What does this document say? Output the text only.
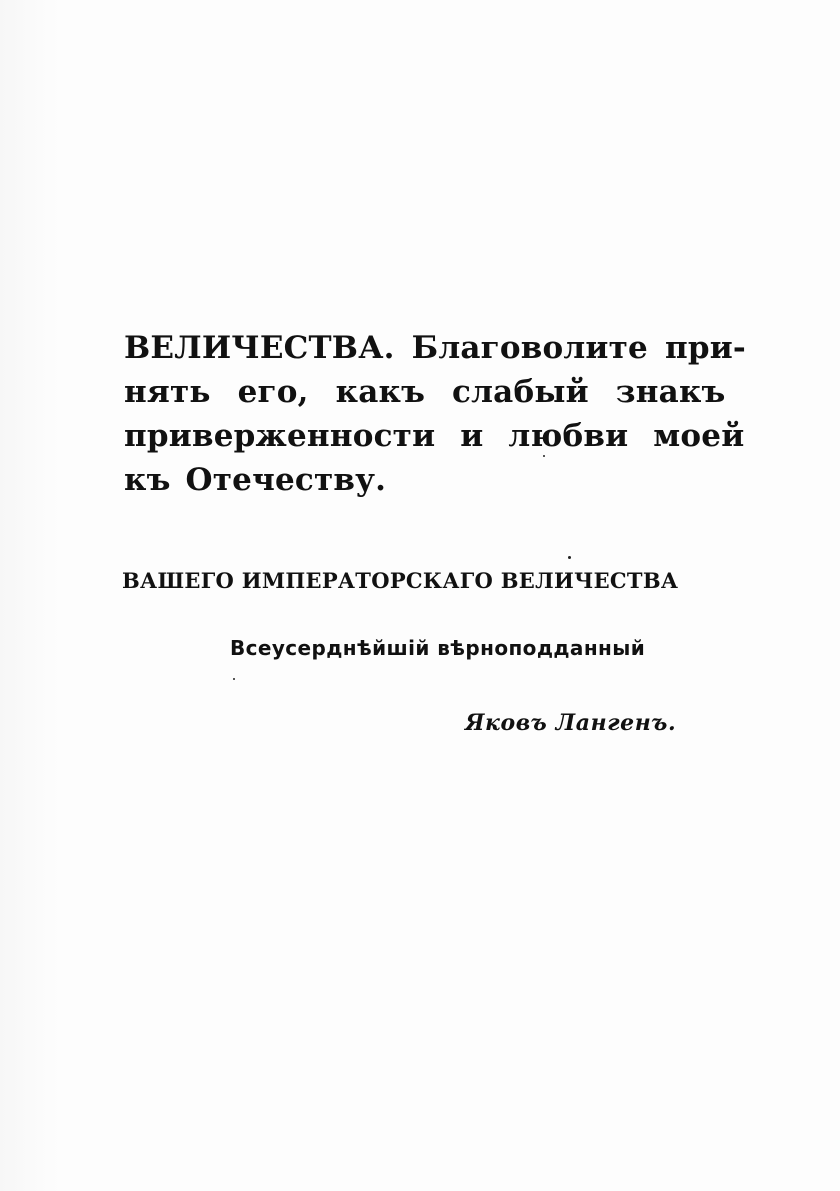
ВЕЛИЧЕСТВА. Благоволите при-
нять его, какъ слабый знакъ
приверженности и любви моей
къ Отечеству.

ВАШЕГО ИМПЕРАТОРСКАГО ВЕЛИЧЕСТВА
Всеусерднѣйшій вѣрноподданный
Яковъ Лангенъ.
